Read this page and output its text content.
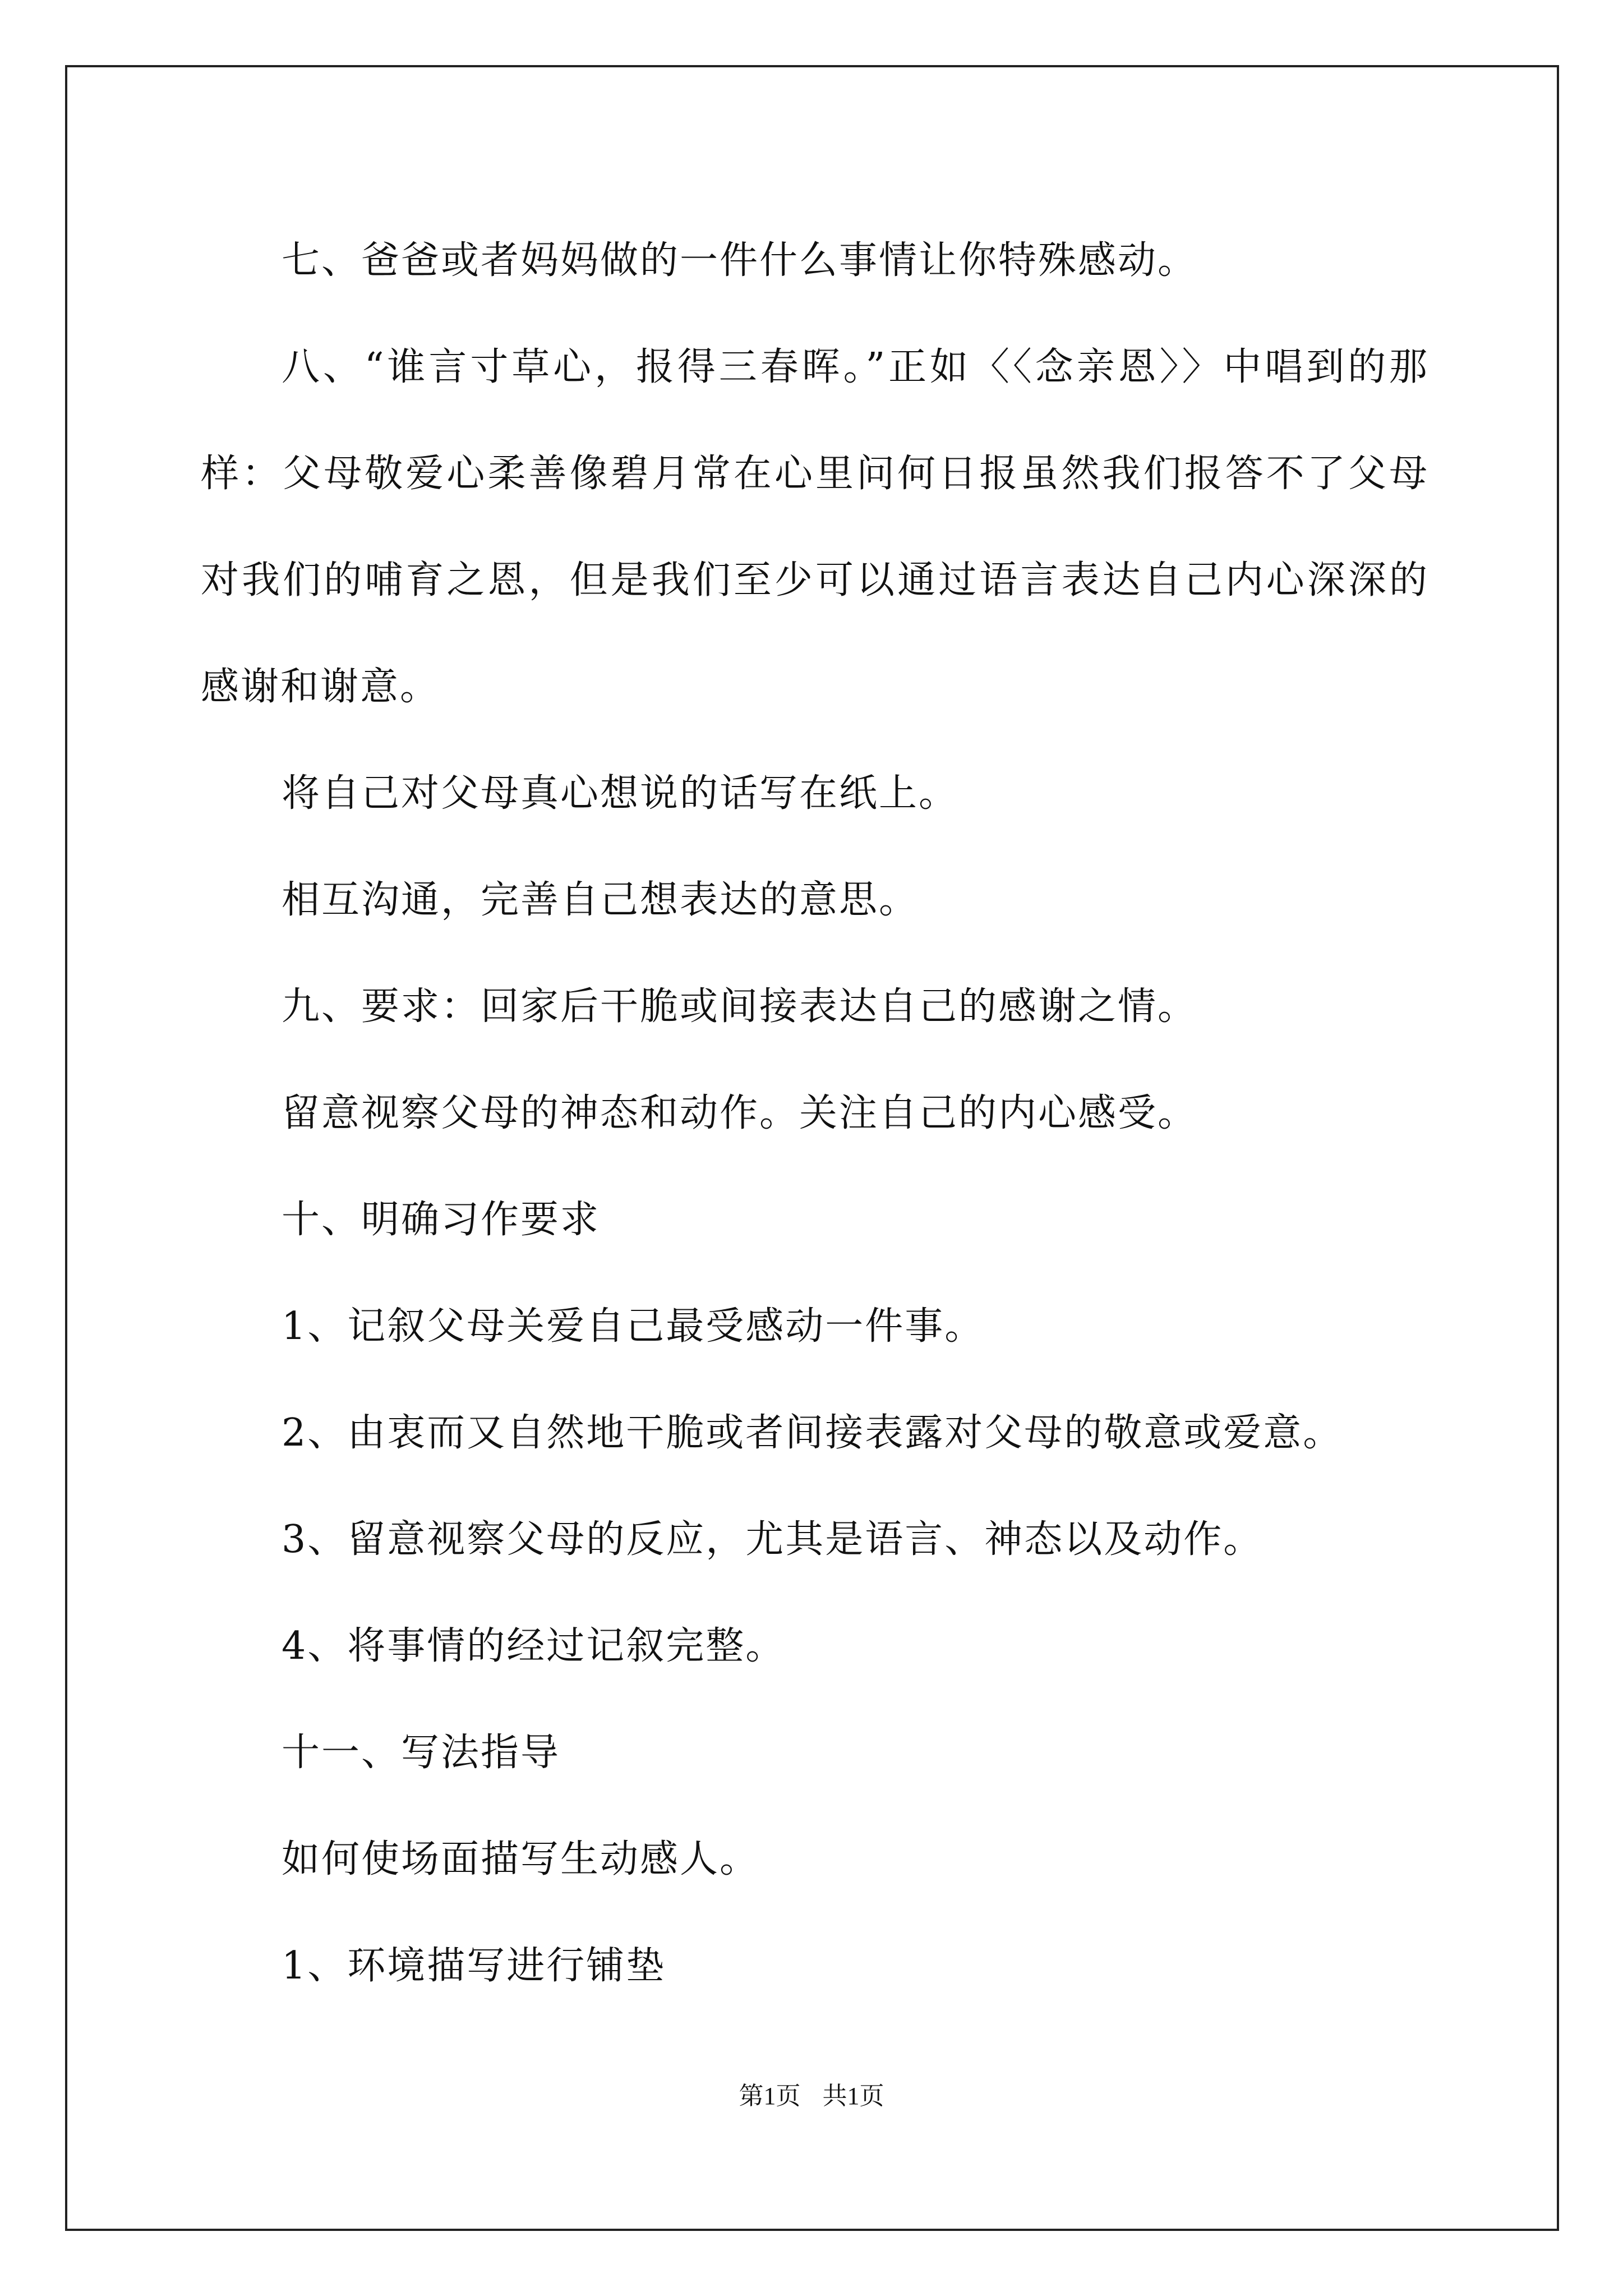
七、爸爸或者妈妈做的一件什么事情让你特殊感动。

八、“谁言寸草心，报得三春晖。”正如〈〈念亲恩〉〉中唱到的那样：父母敬爱心柔善像碧月常在心里问何日报虽然我们报答不了父母对我们的哺育之恩，但是我们至少可以通过语言表达自己内心深深的感谢和谢意。

将自己对父母真心想说的话写在纸上。

相互沟通，完善自己想表达的意思。

九、要求：回家后干脆或间接表达自己的感谢之情。

留意视察父母的神态和动作。关注自己的内心感受。

十、明确习作要求

1、记叙父母关爱自己最受感动一件事。

2、由衷而又自然地干脆或者间接表露对父母的敬意或爱意。

3、留意视察父母的反应，尤其是语言、神态以及动作。

4、将事情的经过记叙完整。

十一、写法指导

如何使场面描写生动感人。

1、环境描写进行铺垫

第1页 共1页
